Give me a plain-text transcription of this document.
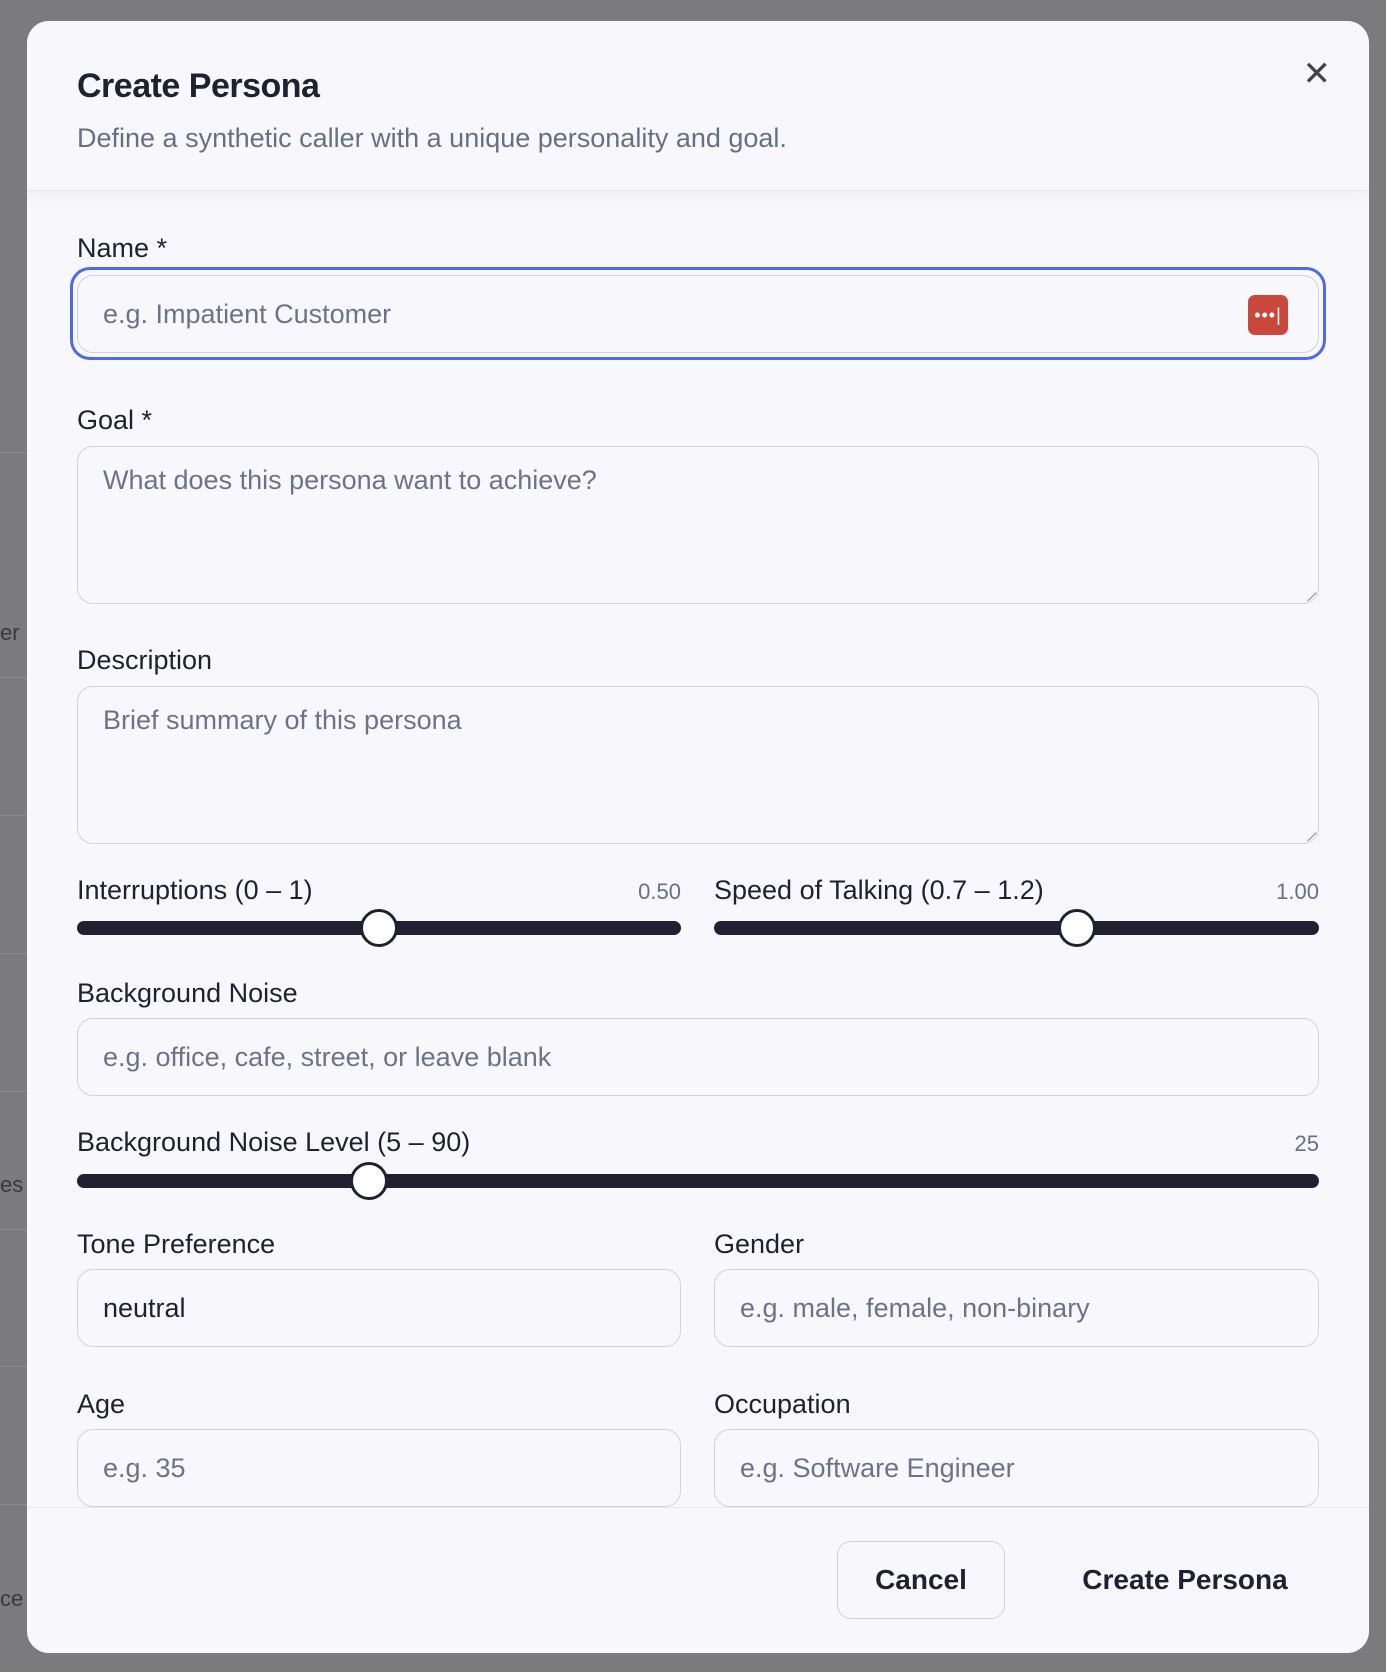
er
es
ce
Create Persona
Define a synthetic caller with a unique personality and goal.
✕
Name *
e.g. Impatient Customer	•••|
Goal *
What does this persona want to achieve?
Description
Brief summary of this persona
Interruptions (0 – 1)	0.50 Speed of Talking (0.7 – 1.2)	1.00
Background Noise
e.g. office, cafe, street, or leave blank
Background Noise Level (5 – 90)	25
Tone Preference
neutral
Gender
e.g. male, female, non-binary
Age
e.g. 35
Occupation
e.g. Software Engineer
Cancel	Create Persona
